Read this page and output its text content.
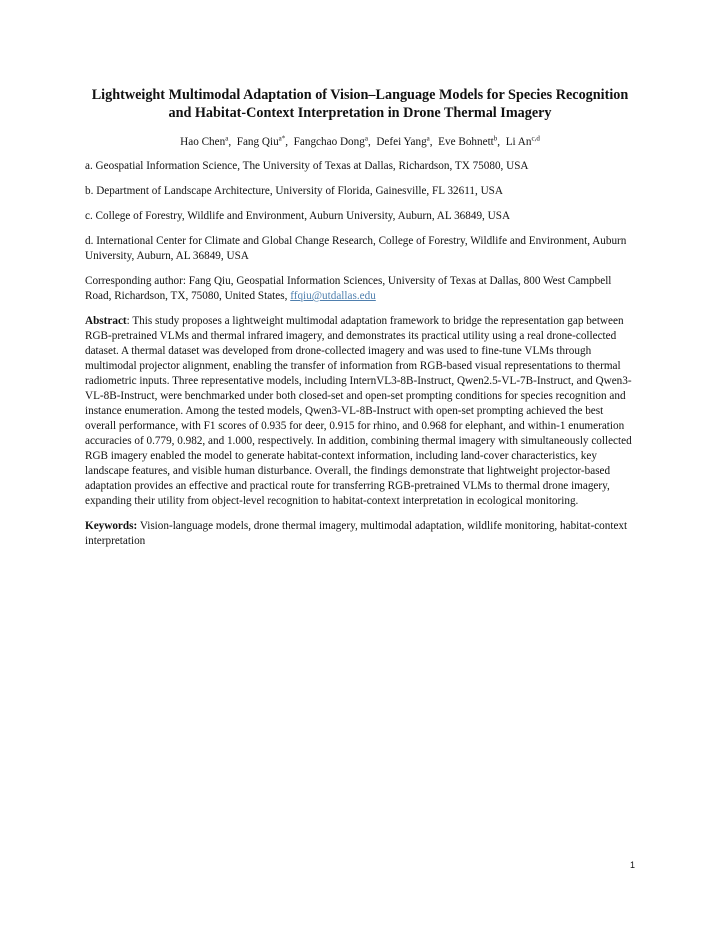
Lightweight Multimodal Adaptation of Vision–Language Models for Species Recognition and Habitat-Context Interpretation in Drone Thermal Imagery

Hao Chen$^a$,  Fang Qiu$^{a*}$,  Fangchao Dong$^a$,  Defei Yang$^a$,  Eve Bohnett$^b$,  Li An$^{c,d}$

a. Geospatial Information Science, The University of Texas at Dallas, Richardson, TX 75080, USA

b. Department of Landscape Architecture, University of Florida, Gainesville, FL 32611, USA

c. College of Forestry, Wildlife and Environment, Auburn University, Auburn, AL 36849, USA

d. International Center for Climate and Global Change Research, College of Forestry, Wildlife and Environment, Auburn University, Auburn, AL 36849, USA

Corresponding author: Fang Qiu, Geospatial Information Sciences, University of Texas at Dallas, 800 West Campbell Road, Richardson, TX, 75080, United States, ffqiu@utdallas.edu

Abstract: This study proposes a lightweight multimodal adaptation framework to bridge the representation gap between RGB-pretrained VLMs and thermal infrared imagery, and demonstrates its practical utility using a real drone-collected dataset. A thermal dataset was developed from drone-collected imagery and was used to fine-tune VLMs through multimodal projector alignment, enabling the transfer of information from RGB-based visual representations to thermal radiometric inputs. Three representative models, including InternVL3-8B-Instruct, Qwen2.5-VL-7B-Instruct, and Qwen3-VL-8B-Instruct, were benchmarked under both closed-set and open-set prompting conditions for species recognition and instance enumeration. Among the tested models, Qwen3-VL-8B-Instruct with open-set prompting achieved the best overall performance, with F1 scores of 0.935 for deer, 0.915 for rhino, and 0.968 for elephant, and within-1 enumeration accuracies of 0.779, 0.982, and 1.000, respectively. In addition, combining thermal imagery with simultaneously collected RGB imagery enabled the model to generate habitat-context information, including land-cover characteristics, key landscape features, and visible human disturbance. Overall, the findings demonstrate that lightweight projector-based adaptation provides an effective and practical route for transferring RGB-pretrained VLMs to thermal drone imagery, expanding their utility from object-level recognition to habitat-context interpretation in ecological monitoring.

Keywords: Vision-language models, drone thermal imagery, multimodal adaptation, wildlife monitoring, habitat-context interpretation

1
